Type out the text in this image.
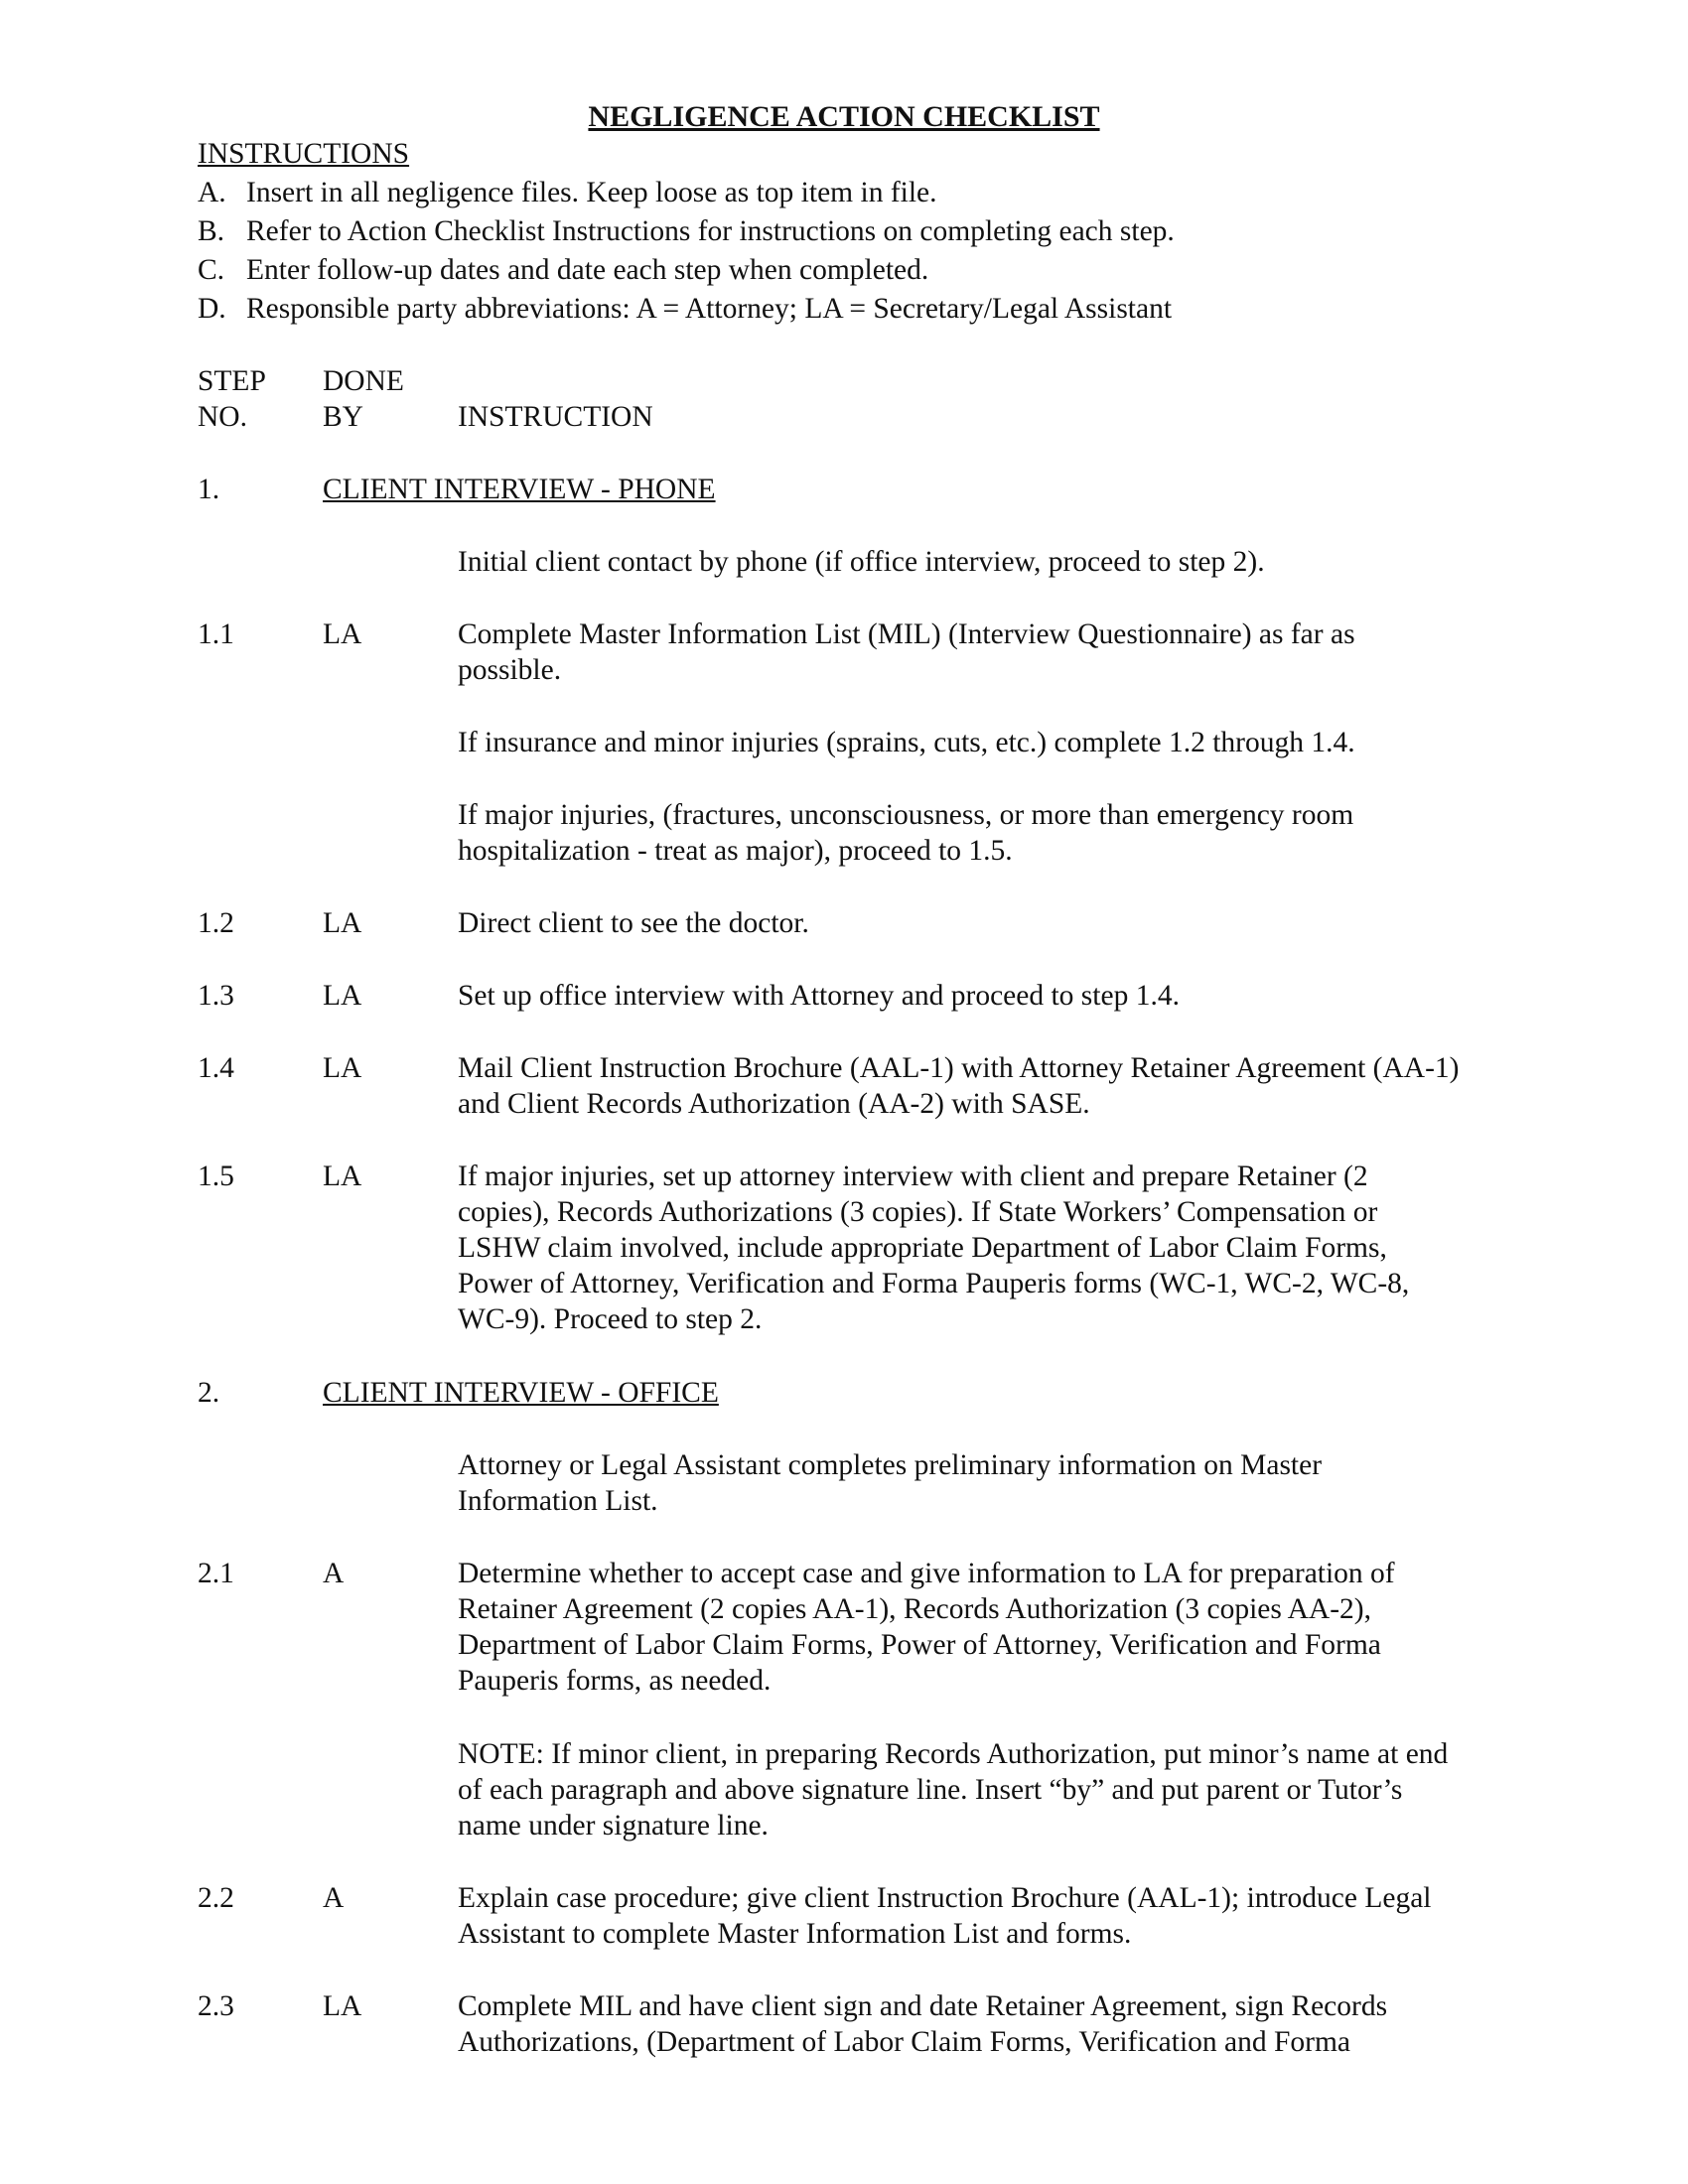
NEGLIGENCE ACTION CHECKLIST
INSTRUCTIONS
A. Insert in all negligence files. Keep loose as top item in file.
B. Refer to Action Checklist Instructions for instructions on completing each step.
C. Enter follow-up dates and date each step when completed.
D. Responsible party abbreviations: A = Attorney; LA = Secretary/Legal Assistant
STEP DONE
NO.	BY	INSTRUCTION
1.	CLIENT INTERVIEW - PHONE
Initial client contact by phone (if office interview, proceed to step 2).
1.1	LA	Complete Master Information List (MIL) (Interview Questionnaire) as far as
possible.
If insurance and minor injuries (sprains, cuts, etc.) complete 1.2 through 1.4.
If major injuries, (fractures, unconsciousness, or more than emergency room
hospitalization - treat as major), proceed to 1.5.
1.2	LA	Direct client to see the doctor.
1.3	LA	Set up office interview with Attorney and proceed to step 1.4.
1.4	LA	Mail Client Instruction Brochure (AAL-1) with Attorney Retainer Agreement (AA-1)
and Client Records Authorization (AA-2) with SASE.
1.5	LA	If major injuries, set up attorney interview with client and prepare Retainer (2
copies), Records Authorizations (3 copies). If State Workers’ Compensation or
LSHW claim involved, include appropriate Department of Labor Claim Forms,
Power of Attorney, Verification and Forma Pauperis forms (WC-1, WC-2, WC-8,
WC-9). Proceed to step 2.
2.	CLIENT INTERVIEW - OFFICE
Attorney or Legal Assistant completes preliminary information on Master
Information List.
2.1	A	Determine whether to accept case and give information to LA for preparation of
Retainer Agreement (2 copies AA-1), Records Authorization (3 copies AA-2),
Department of Labor Claim Forms, Power of Attorney, Verification and Forma
Pauperis forms, as needed.
NOTE: If minor client, in preparing Records Authorization, put minor’s name at end
of each paragraph and above signature line. Insert “by” and put parent or Tutor’s
name under signature line.
2.2	A	Explain case procedure; give client Instruction Brochure (AAL-1); introduce Legal
Assistant to complete Master Information List and forms.
2.3	LA	Complete MIL and have client sign and date Retainer Agreement, sign Records
Authorizations, (Department of Labor Claim Forms, Verification and Forma
